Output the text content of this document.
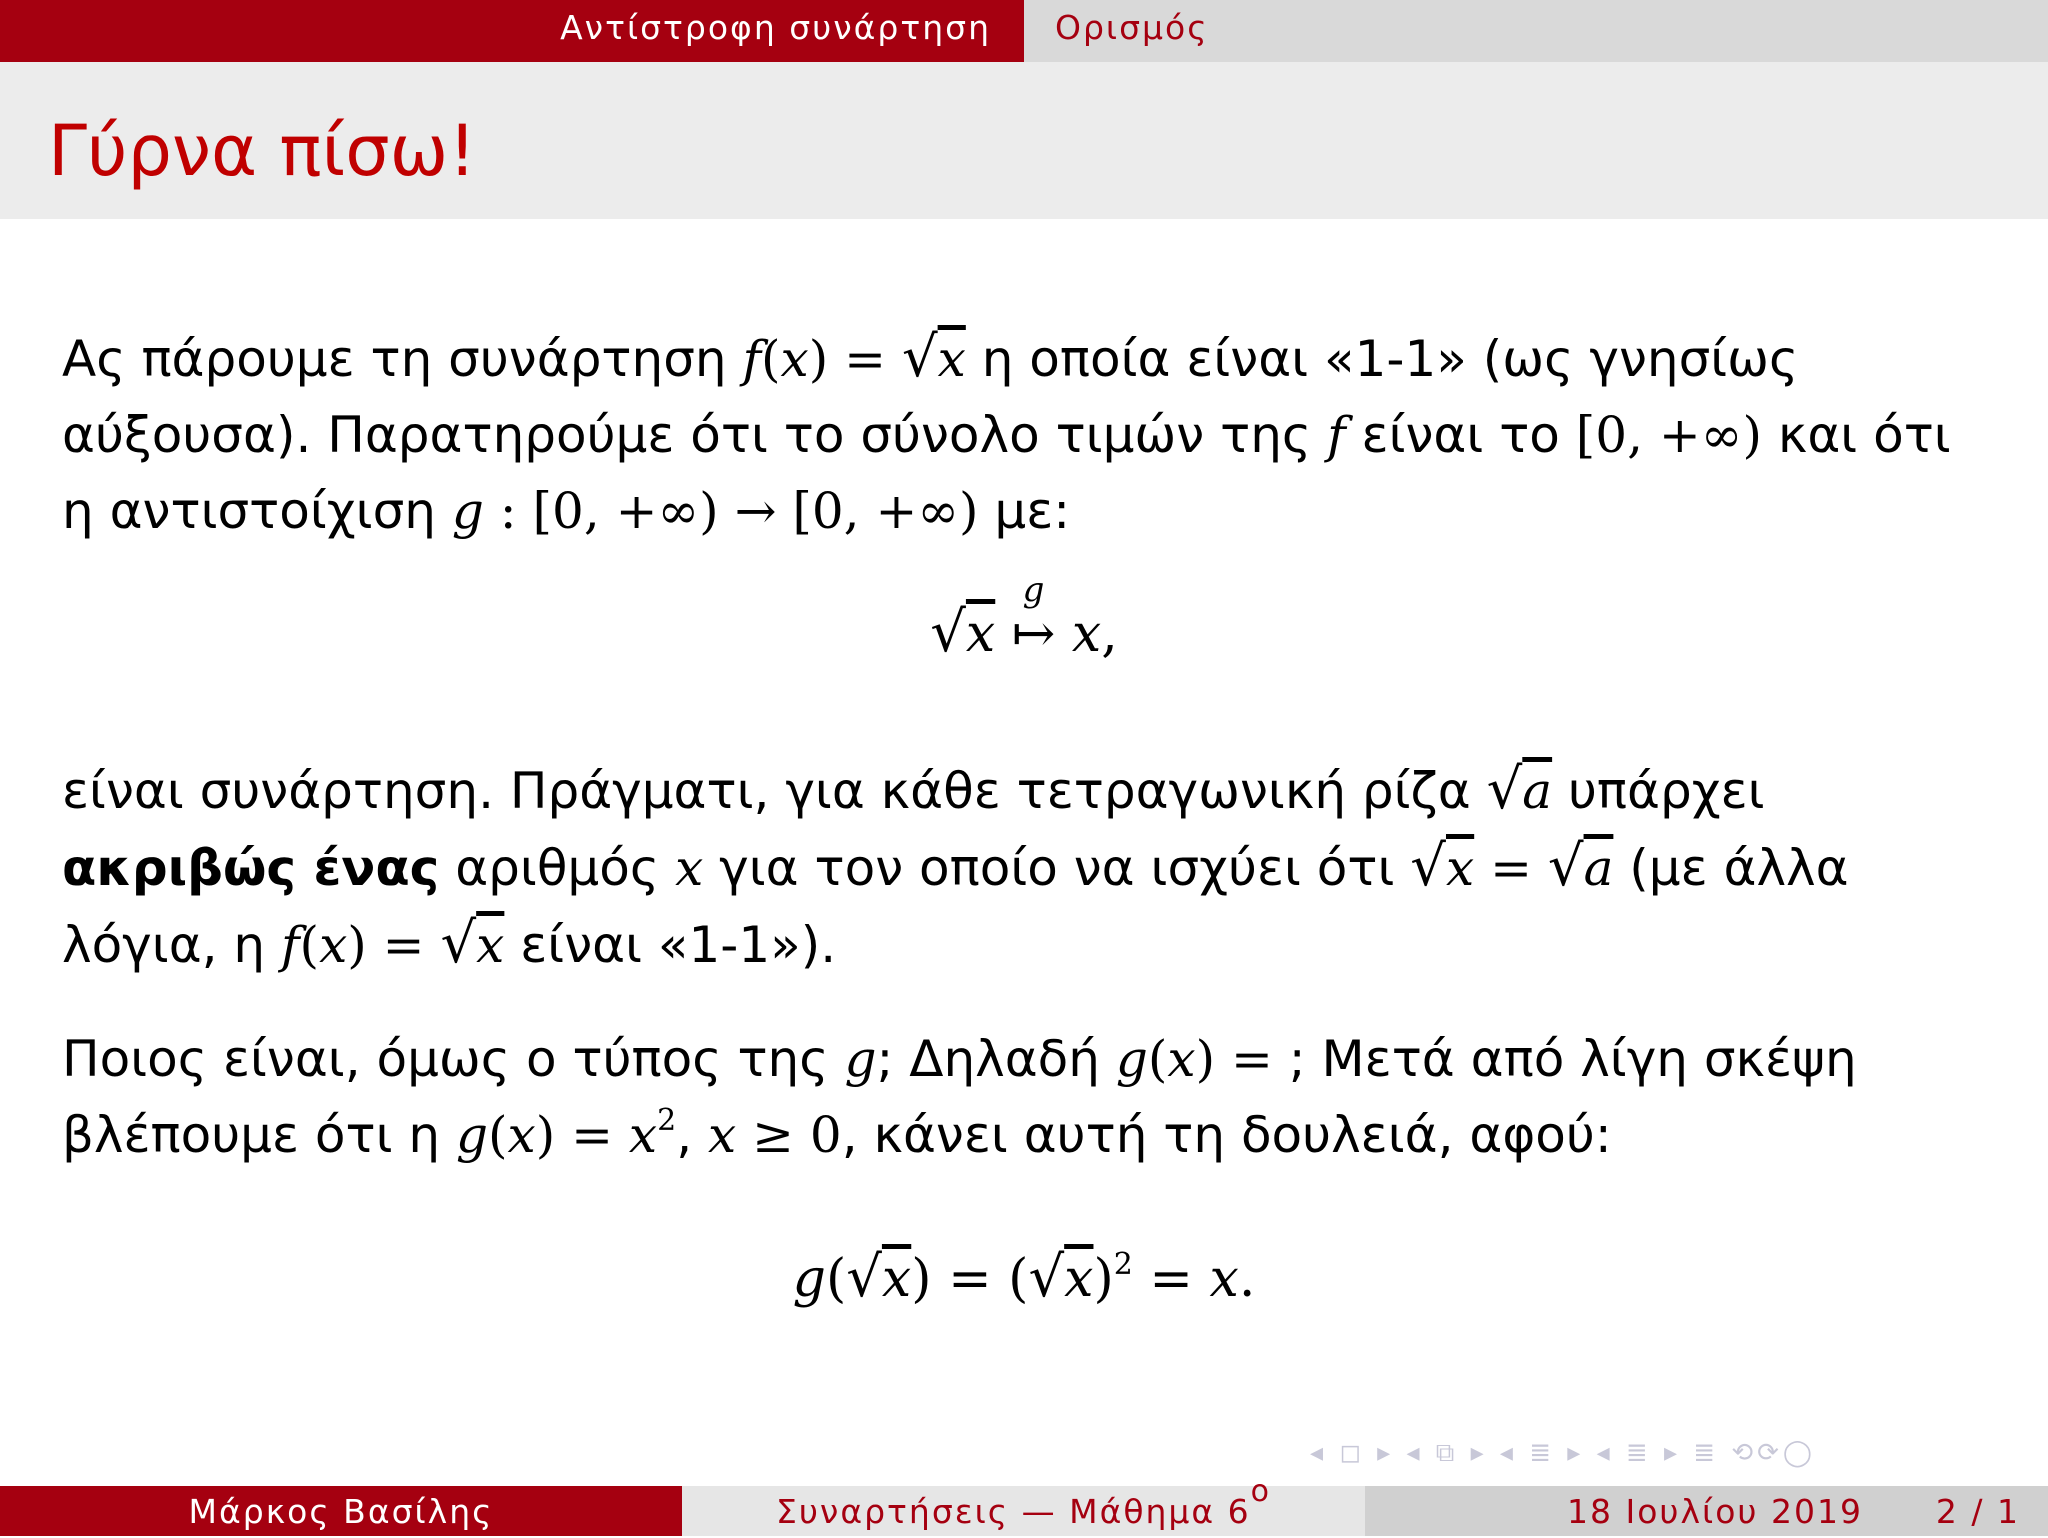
Αντίστροφη συνάρτηση	Ορισμός
Γύρνα πίσω!

Ας πάρουμε τη συνάρτηση f(x) = √x η οποία είναι «1-1» (ως γνησίως αύξουσα). Παρατηρούμε ότι το σύνολο τιμών της f είναι το [0, +∞) και ότι η αντιστοίχιση g : [0, +∞) → [0, +∞) με:

√x
g
↦ x,

είναι συνάρτηση. Πράγματι, για κάθε τετραγωνική ρίζα √a υπάρχει ακριβώς ένας αριθμός x για τον οποίο να ισχύει ότι √x = √a (με άλλα λόγια, η f(x) = √x είναι «1-1»).

Ποιος είναι, όμως ο τύπος της g; Δηλαδή g(x) = ; Μετά από λίγη σκέψη βλέπουμε ότι η $g(x) = x^2$, x ≥ 0, κάνει αυτή τη δουλειά, αφού:

$g(√x) = (√x)^2 = x$.
◂ ◻ ▸ ◂ ⧉ ▸ ◂ ≣ ▸ ◂ ≣ ▸ ≣ ⟲⟳◯
Μάρκος Βασίλης	Συναρτήσεις — Μάθημα $6^o$
18 Ιουλίου 2019 2 / 1
